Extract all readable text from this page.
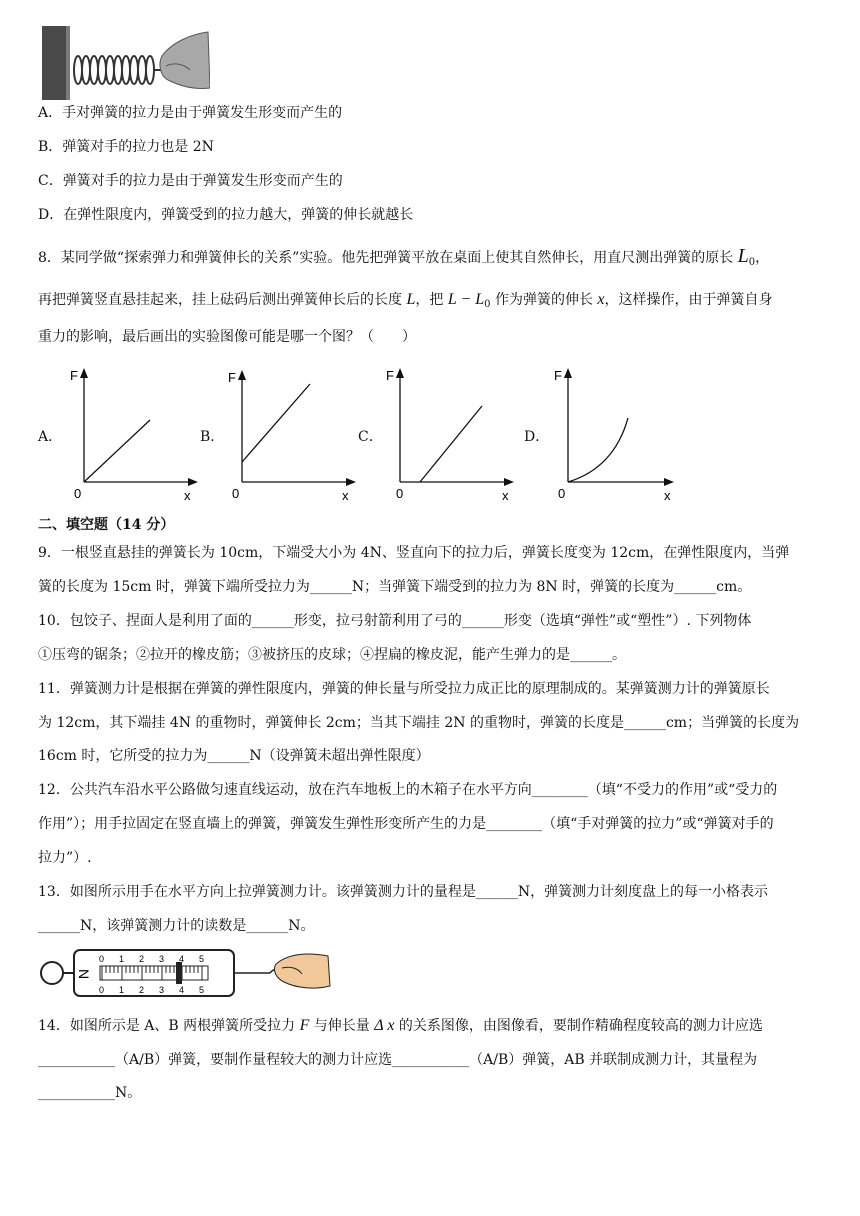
A．手对弹簧的拉力是由于弹簧发生形变而产生的
B．弹簧对手的拉力也是 2N
C．弹簧对手的拉力是由于弹簧发生形变而产生的
D．在弹性限度内，弹簧受到的拉力越大，弹簧的伸长就越长
8．某同学做“探索弹力和弹簧伸长的关系”实验。他先把弹簧平放在桌面上使其自然伸长，用直尺测出弹簧的原长 $L_0$，
再把弹簧竖直悬挂起来，挂上砝码后测出弹簧伸长后的长度 L，把 $L - L_0$ 作为弹簧的伸长 x，这样操作，由于弹簧自身
重力的影响，最后画出的实验图像可能是哪一个图？（　　）
A．	B．	C．	D．
F
0	x
F
0	x
F
0	x
F
0	x
二、填空题（14 分）
9．一根竖直悬挂的弹簧长为 10cm，下端受大小为 4N、竖直向下的拉力后，弹簧长度变为 12cm，在弹性限度内，当弹
簧的长度为 15cm 时，弹簧下端所受拉力为______N；当弹簧下端受到的拉力为 8N 时，弹簧的长度为______cm。
10．包饺子、捏面人是利用了面的______形变，拉弓射箭利用了弓的______形变（选填“弹性”或“塑性”）. 下列物体
①压弯的锯条；②拉开的橡皮筋；③被挤压的皮球；④捏扁的橡皮泥，能产生弹力的是______。
11．弹簧测力计是根据在弹簧的弹性限度内，弹簧的伸长量与所受拉力成正比的原理制成的。某弹簧测力计的弹簧原长
为 12cm，其下端挂 4N 的重物时，弹簧伸长 2cm；当其下端挂 2N 的重物时，弹簧的长度是______cm；当弹簧的长度为
16cm 时，它所受的拉力为______N（设弹簧未超出弹性限度）
12．公共汽车沿水平公路做匀速直线运动，放在汽车地板上的木箱子在水平方向________（填“不受力的作用”或“受力的
作用”）；用手拉固定在竖直墙上的弹簧，弹簧发生弹性形变所产生的力是________（填“手对弹簧的拉力”或“弹簧对手的
拉力”）.
13．如图所示用手在水平方向上拉弹簧测力计。该弹簧测力计的量程是______N，弹簧测力计刻度盘上的每一小格表示
______N，该弹簧测力计的读数是______N。
N
0 1 2 3 4 5
0 1 2 3 4 5
14．如图所示是 A、B 两根弹簧所受拉力 F 与伸长量 Δ x 的关系图像，由图像看，要制作精确程度较高的测力计应选
___________（A/B）弹簧，要制作量程较大的测力计应选___________（A/B）弹簧，AB 并联制成测力计，其量程为
___________N。
